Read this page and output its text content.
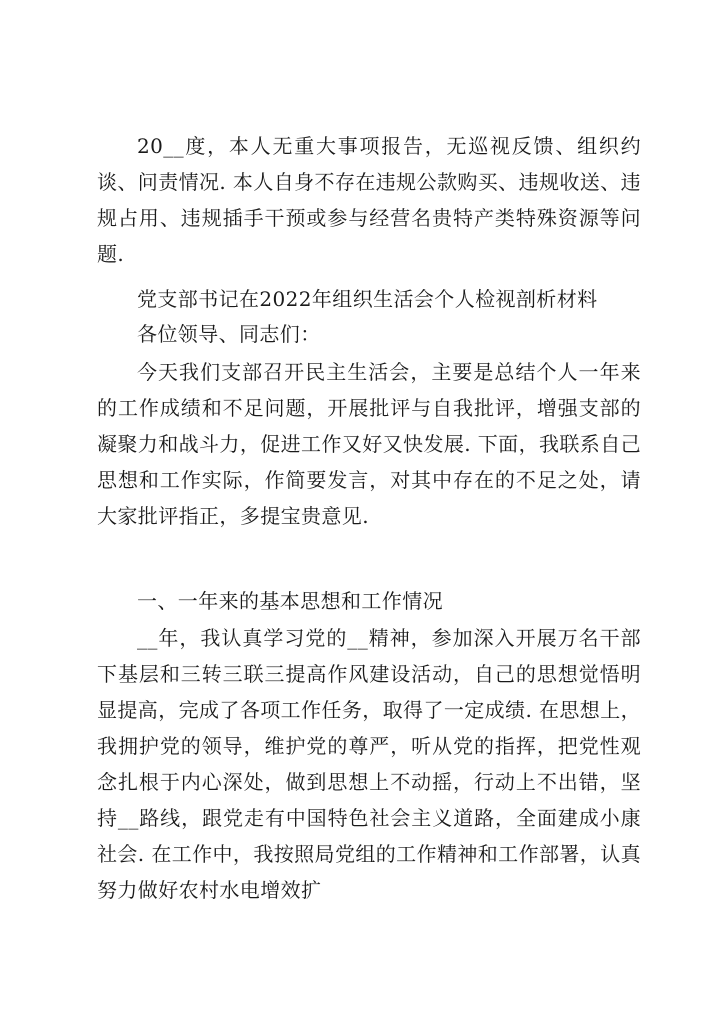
20__度，本人无重大事项报告，无巡视反馈、组织约谈、问责情况. 本人自身不存在违规公款购买、违规收送、违规占用、违规插手干预或参与经营名贵特产类特殊资源等问题.

党支部书记在2022年组织生活会个人检视剖析材料

各位领导、同志们：

今天我们支部召开民主生活会，主要是总结个人一年来的工作成绩和不足问题，开展批评与自我批评，增强支部的凝聚力和战斗力，促进工作又好又快发展. 下面，我联系自己思想和工作实际，作简要发言，对其中存在的不足之处，请大家批评指正，多提宝贵意见.

一、一年来的基本思想和工作情况

__年，我认真学习党的__精神，参加深入开展万名干部下基层和三转三联三提高作风建设活动，自己的思想觉悟明显提高，完成了各项工作任务，取得了一定成绩. 在思想上，我拥护党的领导，维护党的尊严，听从党的指挥，把党性观念扎根于内心深处，做到思想上不动摇，行动上不出错，坚持__路线，跟党走有中国特色社会主义道路，全面建成小康社会. 在工作中，我按照局党组的工作精神和工作部署，认真努力做好农村水电增效扩
